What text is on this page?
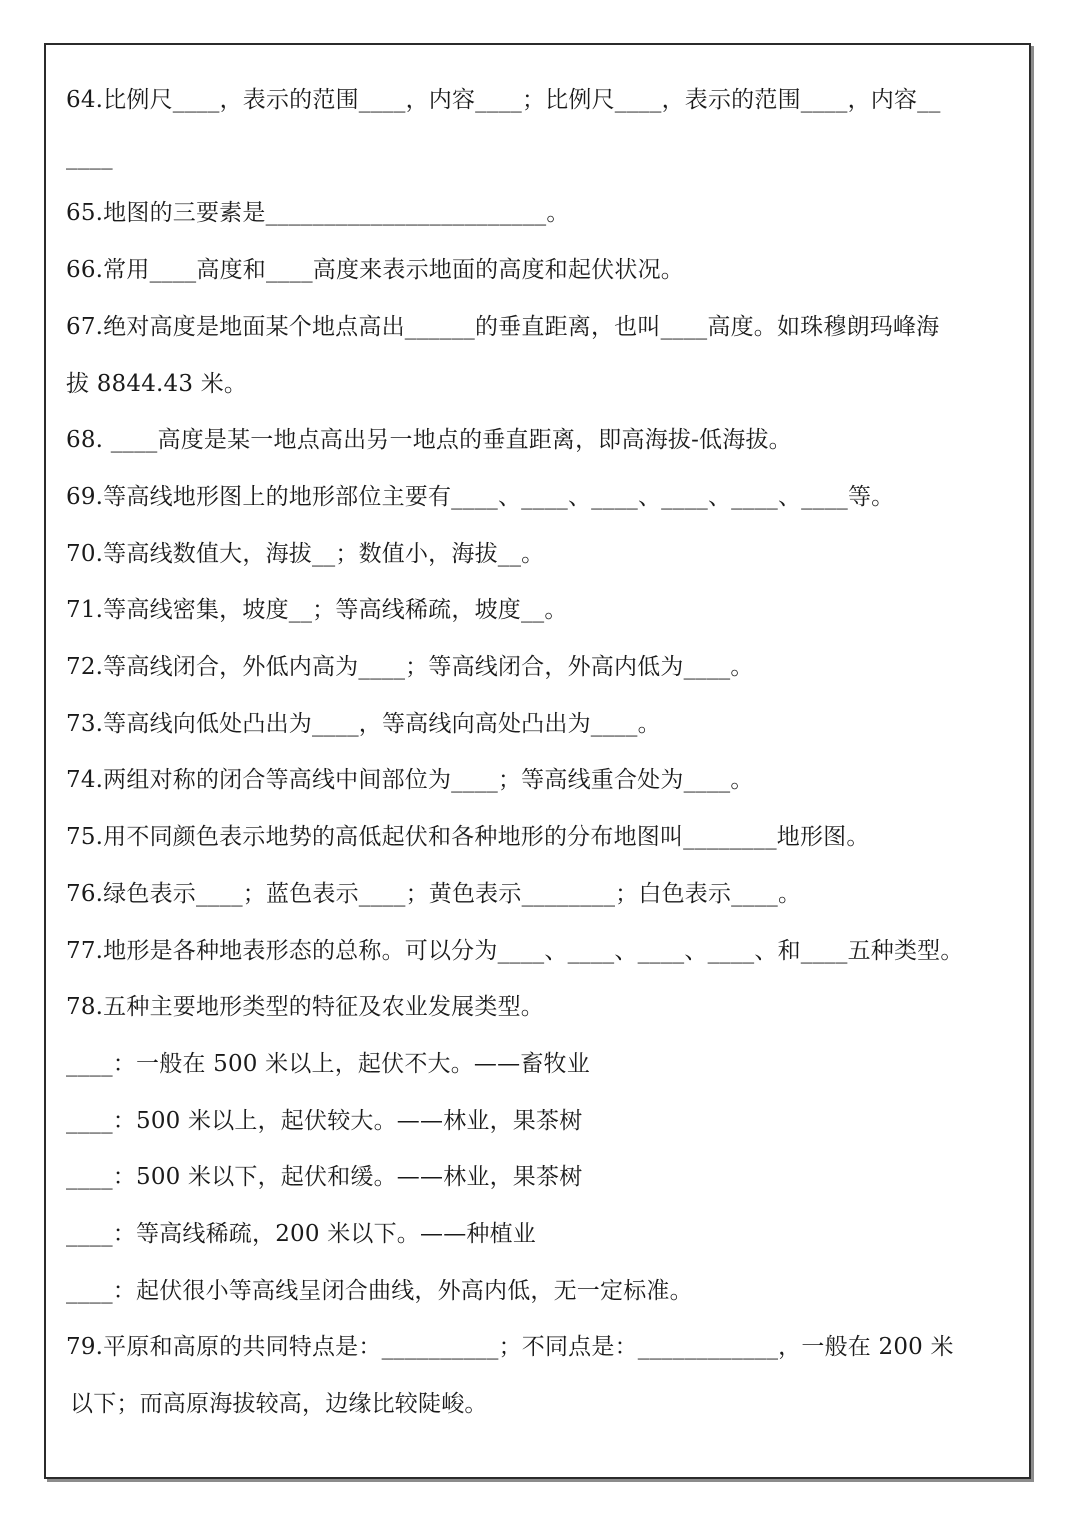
64.比例尺____，表示的范围____，内容____；比例尺____，表示的范围____，内容__
____
65.地图的三要素是________________________。
66.常用____高度和____高度来表示地面的高度和起伏状况。
67.绝对高度是地面某个地点高出______的垂直距离，也叫____高度。如珠穆朗玛峰海
拔 8844.43 米。
68. ____高度是某一地点高出另一地点的垂直距离，即高海拔-低海拔。
69.等高线地形图上的地形部位主要有____、____、____、____、____、____等。
70.等高线数值大，海拔__；数值小，海拔__。
71.等高线密集，坡度__；等高线稀疏，坡度__。
72.等高线闭合，外低内高为____；等高线闭合，外高内低为____。
73.等高线向低处凸出为____，等高线向高处凸出为____。
74.两组对称的闭合等高线中间部位为____；等高线重合处为____。
75.用不同颜色表示地势的高低起伏和各种地形的分布地图叫________地形图。
76.绿色表示____；蓝色表示____；黄色表示________；白色表示____。
77.地形是各种地表形态的总称。可以分为____、____、____、____、和____五种类型。
78.五种主要地形类型的特征及农业发展类型。
____：一般在 500 米以上，起伏不大。——畜牧业
____：500 米以上，起伏较大。——林业，果茶树
____：500 米以下，起伏和缓。——林业，果茶树
____：等高线稀疏，200 米以下。——种植业
____：起伏很小等高线呈闭合曲线，外高内低，无一定标准。
79.平原和高原的共同特点是：__________；不同点是：____________，一般在 200 米
以下；而高原海拔较高，边缘比较陡峻。
